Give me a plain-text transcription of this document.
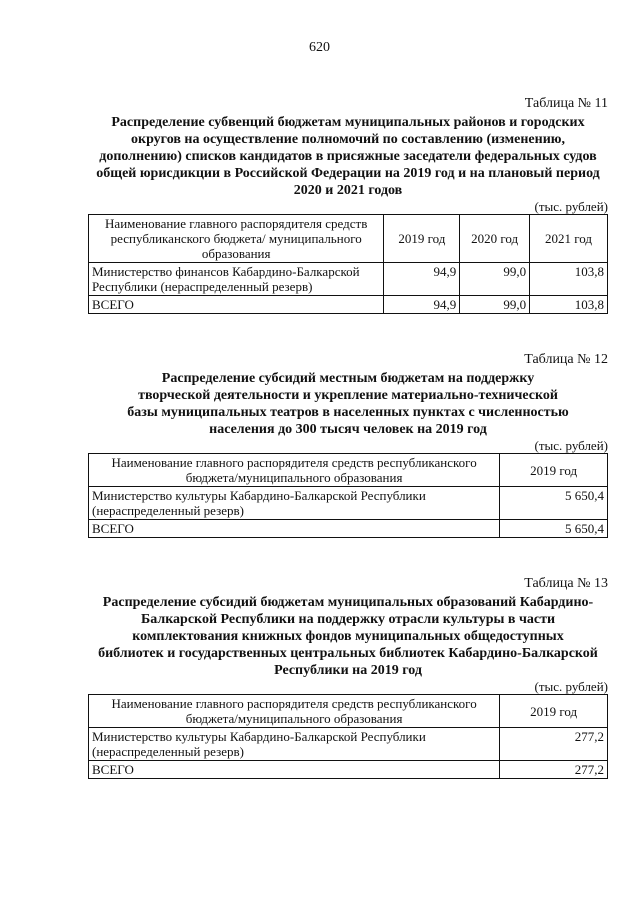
620
Таблица № 11
Распределение субвенций бюджетам муниципальных районов и городских округов на осуществление полномочий по составлению (изменению, дополнению) списков кандидатов в присяжные заседатели федеральных судов общей юрисдикции в Российской Федерации на 2019 год и на плановый период 2020 и 2021 годов
(тыс. рублей)
Наименование главного распорядителя средств республиканского бюджета/ муниципального образования	2019 год	2020 год	2021 год
Министерство финансов Кабардино-Балкарской Республики (нераспределенный резерв)	94,9	99,0	103,8
ВСЕГО	94,9	99,0	103,8
Таблица № 12
Распределение субсидий местным бюджетам на поддержку творческой деятельности и укрепление материально-технической базы муниципальных театров в населенных пунктах с численностью населения до 300 тысяч человек на 2019 год
(тыс. рублей)
Наименование главного распорядителя средств республиканского бюджета/муниципального образования	2019 год
Министерство культуры Кабардино-Балкарской Республики (нераспределенный резерв)	5 650,4
ВСЕГО	5 650,4
Таблица № 13
Распределение субсидий бюджетам муниципальных образований Кабардино-Балкарской Республики на поддержку отрасли культуры в части комплектования книжных фондов муниципальных общедоступных библиотек и государственных центральных библиотек Кабардино-Балкарской Республики на 2019 год
(тыс. рублей)
Наименование главного распорядителя средств республиканского бюджета/муниципального образования	2019 год
Министерство культуры Кабардино-Балкарской Республики (нераспределенный резерв)	277,2
ВСЕГО	277,2
